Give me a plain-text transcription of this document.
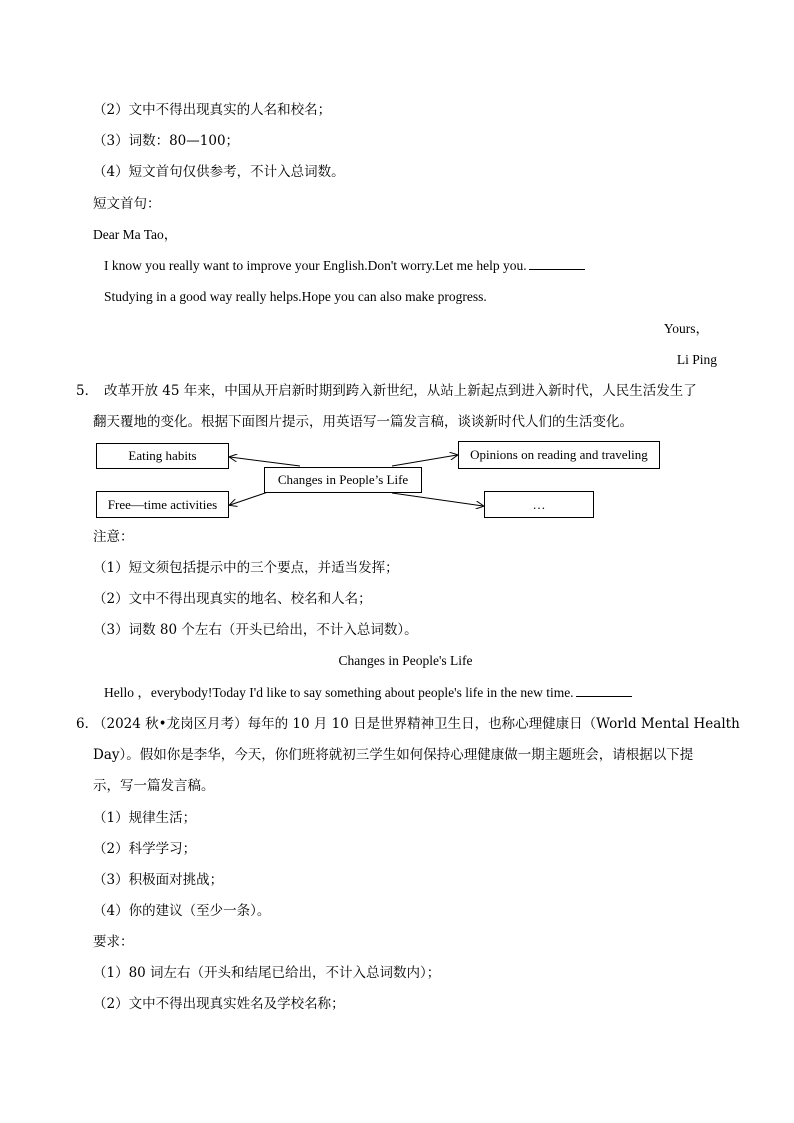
（2）文中不得出现真实的人名和校名；
（3）词数：80—100；
（4）短文首句仅供参考，不计入总词数。
短文首句：
Dear Ma Tao，
I know you really want to improve your English.Don't worry.Let me help you.
Studying in a good way really helps.Hope you can also make progress.
Yours，
Li Ping
5． 改革开放 45 年来，中国从开启新时期到跨入新世纪，从站上新起点到进入新时代，人民生活发生了
翻天覆地的变化。根据下面图片提示，用英语写一篇发言稿，谈谈新时代人们的生活变化。
Eating habits	Opinions on reading and traveling
Changes in People’s Life
Free—time activities	…
注意：
（1）短文须包括提示中的三个要点，并适当发挥；
（2）文中不得出现真实的地名、校名和人名；
（3）词数 80 个左右（开头已给出，不计入总词数）。
Changes in People's Life
Hello ，everybody!Today I'd like to say something about people's life in the new time.
6．
（2024 秋•龙岗区月考）每年的 10 月 10 日是世界精神卫生日，也称心理健康日（World Mental Health
Day）。假如你是李华，今天，你们班将就初三学生如何保持心理健康做一期主题班会，请根据以下提
示，写一篇发言稿。
（1）规律生活；
（2）科学学习；
（3）积极面对挑战；
（4）你的建议（至少一条）。
要求：
（1）80 词左右（开头和结尾已给出，不计入总词数内）；
（2）文中不得出现真实姓名及学校名称；
